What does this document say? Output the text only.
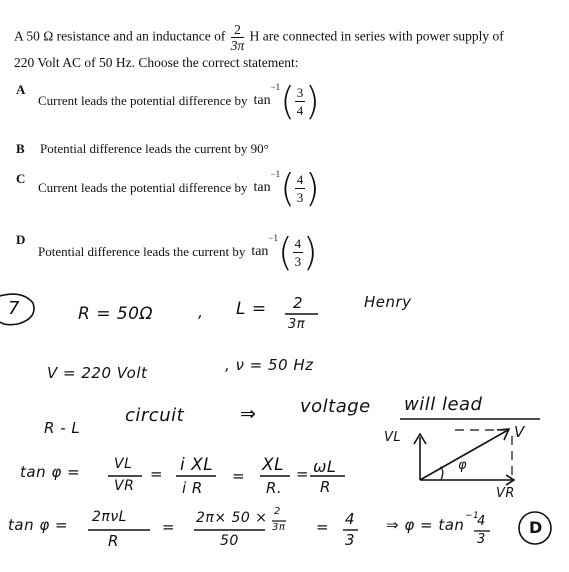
A 50 Ω resistance and an inductance of $\frac{2}{3\pi}$ H are connected in series with power supply of
220 Volt AC of 50 Hz. Choose the correct statement:
A
Current leads the potential difference by tan
−1 ( 3
4 )
B Potential difference leads the current by 90°
C
Current leads the potential difference by tan
−1 ( 4
3 )
D
Potential difference leads the current by tan
−1 ( 4
3 )
7	R = 50Ω	, L = 2
3π
Henry
V = 220 Volt	, ν = 50 Hz
R - L
circuit	⇒ voltage will lead
VL	V
VR
φ
tan φ = VL
VR
= i XL
i R
=
XL
R.
= ωL
R
tan φ = 2πνL
R
= 2π× 50 × 2
3π
50
= 4
3
⇒ φ = tan −1
4
3
D
